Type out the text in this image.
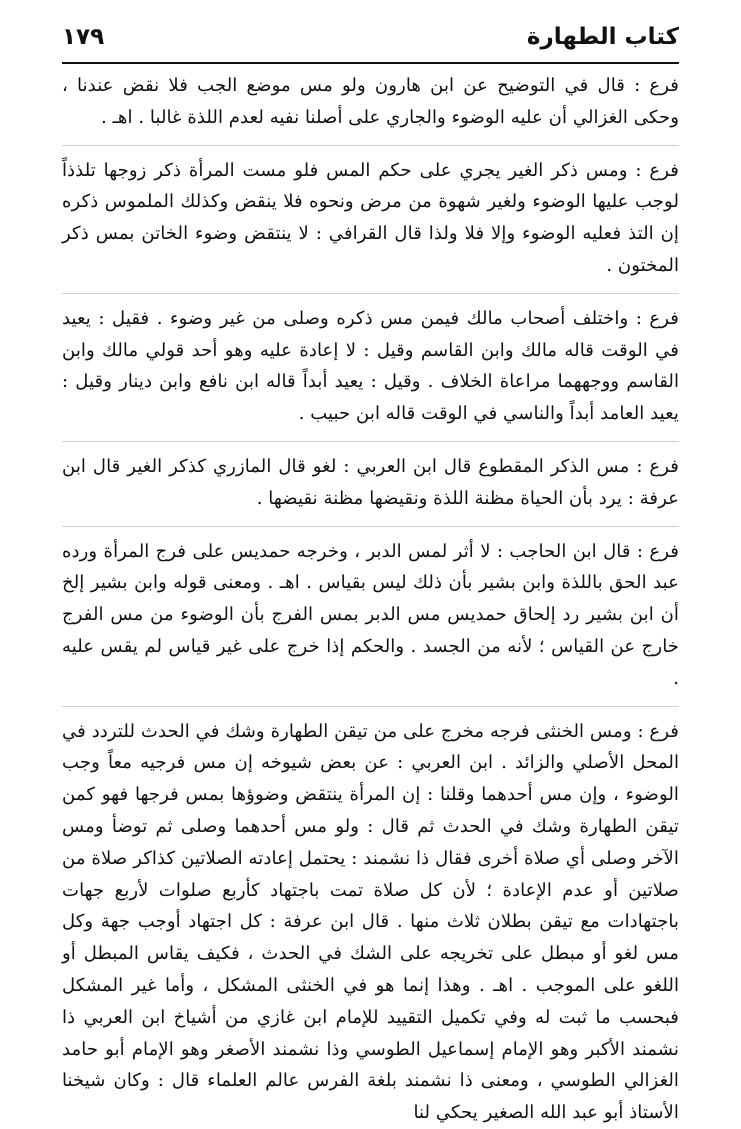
كتاب الطهارة
١٧٩

فرع : قال في التوضيح عن ابن هارون ولو مس موضع الجب فلا نقض عندنا ، وحكى الغزالي أن عليه الوضوء والجاري على أصلنا نفيه لعدم اللذة غالبا . اهـ .

فرع : ومس ذكر الغير يجري على حكم المس فلو مست المرأة ذكر زوجها تلذذاً لوجب عليها الوضوء ولغير شهوة من مرض ونحوه فلا ينقض وكذلك الملموس ذكره إن التذ فعليه الوضوء وإلا فلا ولذا قال القرافي : لا ينتقض وضوء الخاتن بمس ذكر المختون .

فرع : واختلف أصحاب مالك فيمن مس ذكره وصلى من غير وضوء . فقيل : يعيد في الوقت قاله مالك وابن القاسم وقيل : لا إعادة عليه وهو أحد قولي مالك وابن القاسم ووجههما مراعاة الخلاف . وقيل : يعيد أبداً قاله ابن نافع وابن دينار وقيل : يعيد العامد أبداً والناسي في الوقت قاله ابن حبيب .

فرع : مس الذكر المقطوع قال ابن العربي : لغو قال المازري كذكر الغير قال ابن عرفة : يرد بأن الحياة مظنة اللذة ونقيضها مظنة نقيضها .

فرع : قال ابن الحاجب : لا أثر لمس الدبر ، وخرجه حمديس على فرج المرأة ورده عبد الحق باللذة وابن بشير بأن ذلك ليس بقياس . اهـ . ومعنى قوله وابن بشير إلخ أن ابن بشير رد إلحاق حمديس مس الدبر بمس الفرج بأن الوضوء من مس الفرج خارج عن القياس ؛ لأنه من الجسد . والحكم إذا خرج على غير قياس لم يقس عليه .

فرع : ومس الخنثى فرجه مخرج على من تيقن الطهارة وشك في الحدث للتردد في المحل الأصلي والزائد . ابن العربي : عن بعض شيوخه إن مس فرجيه معاً وجب الوضوء ، وإن مس أحدهما وقلنا : إن المرأة ينتقض وضوؤها بمس فرجها فهو كمن تيقن الطهارة وشك في الحدث ثم قال : ولو مس أحدهما وصلى ثم توضأ ومس الآخر وصلى أي صلاة أخرى فقال ذا نشمند : يحتمل إعادته الصلاتين كذاكر صلاة من صلاتين أو عدم الإعادة ؛ لأن كل صلاة تمت باجتهاد كأربع صلوات لأربع جهات باجتهادات مع تيقن بطلان ثلاث منها . قال ابن عرفة : كل اجتهاد أوجب جهة وكل مس لغو أو مبطل على تخريجه على الشك في الحدث ، فكيف يقاس المبطل أو اللغو على الموجب . اهـ . وهذا إنما هو في الخنثى المشكل ، وأما غير المشكل فبحسب ما ثبت له وفي تكميل التقييد للإمام ابن غازي من أشياخ ابن العربي ذا نشمند الأكبر وهو الإمام إسماعيل الطوسي وذا نشمند الأصغر وهو الإمام أبو حامد الغزالي الطوسي ، ومعنى ذا نشمند بلغة الفرس عالم العلماء قال : وكان شيخنا الأستاذ أبو عبد الله الصغير يحكي لنا
